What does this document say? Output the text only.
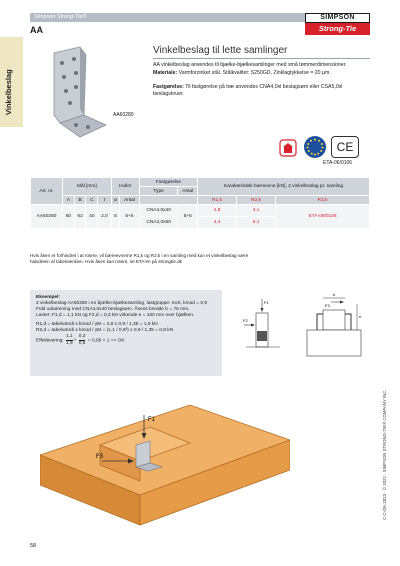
Simpson Strong-Tie®	SIMPSON
Strong-Tie
AA
Vinkelbeslag	AA60280
Vinkelbeslag til lette samlinger
AA vinkelbeslag anvendes til bjælke-bjælkesamlinger med små tømmerdimensioner.
Materiale: Varmforzinket stål. Stålkvalitet: S250GD, Zinklagtykkelse = 20 µm.
Fastgørelse: Til fastgørelse på træ anvendes CNA4,0xl beslagsøm eller CSA5,0xl beslagskruer.
CE
ETA-06/0106
Art. nr.	Mål [mm]				Huller		Fastgørelse		Karakteristisk bæreevne [kN], 2 vinkelbeslag pr. samling		
							Type	Antal			
	A	B	C	t	ø	Antal			R1,k	R2,k	R3,k
AA60280	60	62	40	2,0	5	5+5	CNA4,0x40	5+5	2,8	4,1	ETA-06/0106
							CNA4,0x60		4,4	6,1	
Hvis åsen er forhindret i at rotere, vil bæreevnerne R1,k og R2,k i en samling med kun et vinkelbeslag være halvdelen af tabelværdien. Hvis åsen kan rotere, se ETA'en på strongtie.dk
Eksempel:
2 vinkelbeslag AA60280 i en bjælke-bjælkesamling, lastgruppe: Kort, kmod = 0,9
Fuld udsømning med CNA4,0x40 beslagsøm. Åsens bredde b = 75 mm.
Laster: F1,d = 1,1 kN og F2,d = 0,3 kN virkende e = 100 mm over bjælken.
R1,d = tabelværdi x kmod / γM = 2,8 x 0,9 / 1,35 = 1,9 kN
R2,d = tabelværdi x kmod / γM = (1,1 / 0,9²) x 0,9 / 1,35 = 0,8 kN
Effektivering: $\frac{1,1}{1,9} + \frac{0,3}{0,8} = 0,95 < 1$ => OK
F1
F2
b
e
F3
C-C-DK-2023 · © 2022 · SIMPSON STRONG-TIE® COMPANY INC.
F1
F3
58
